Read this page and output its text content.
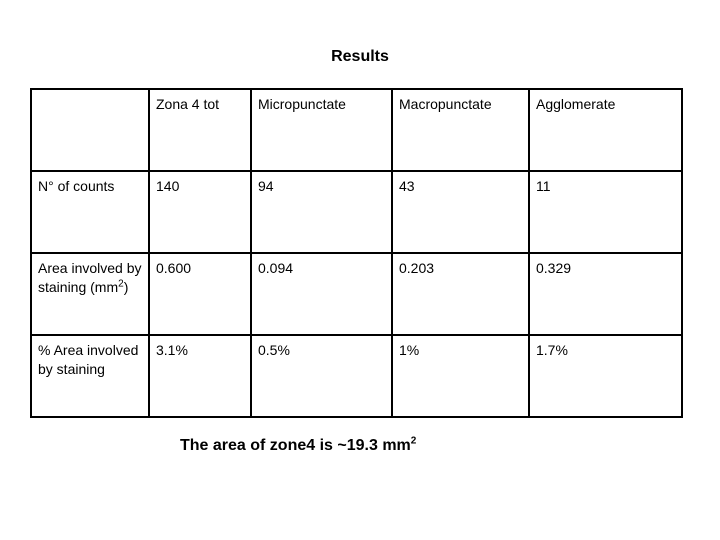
Results
	Zona 4 tot	Micropunctate	Macropunctate	Agglomerate
N° of counts	140	94	43	11
Area involved by staining $(mm^2)$	0.600	0.094	0.203	0.329
% Area involved by staining	3.1%	0.5%	1%	1.7%
The area of zone4 is ~19.3 $mm^2$
